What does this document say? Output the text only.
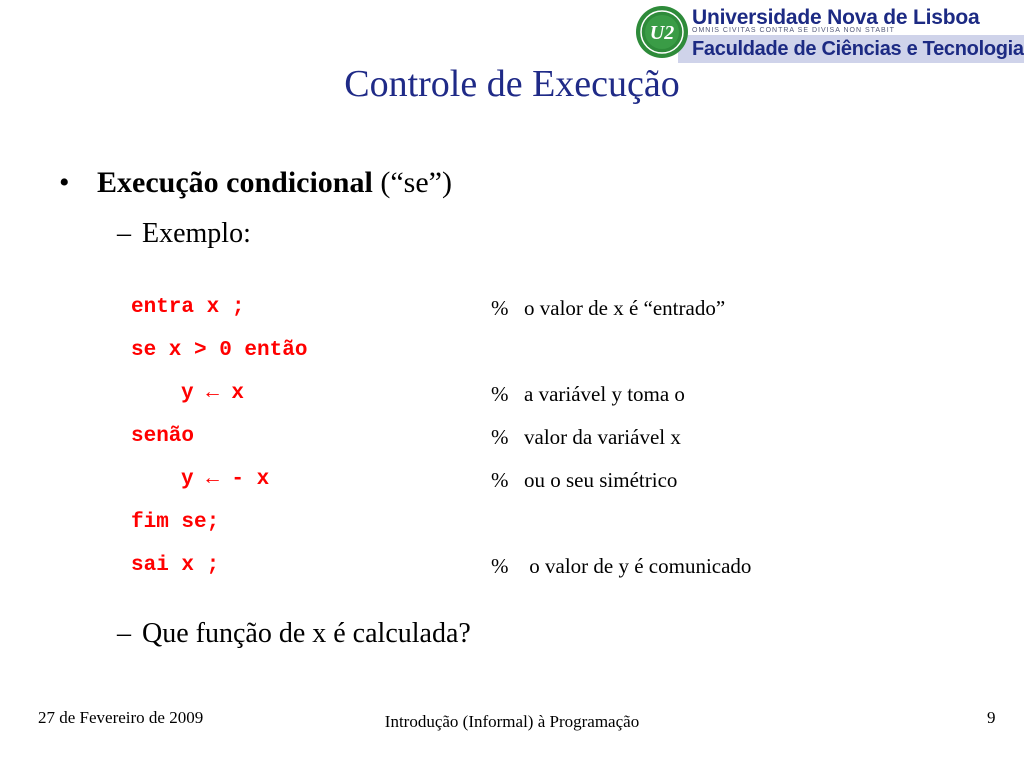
U2
Universidade Nova de Lisboa
OMNIS CIVITAS CONTRA SE DIVISA NON STABIT
Faculdade de Ciências e Tecnologia
Controle de Execução
• Execução condicional (“se”)
– Exemplo:
entra x ;	% o valor de x é “entrado”
se x > 0 então
y ← x	% a variável y toma o
senão	% valor da variável x
y ← - x	% ou o seu simétrico
fim se;
sai x ;	% o valor de y é comunicado
– Que função de x é calculada?
27 de Fevereiro de 2009	Introdução (Informal) à Programação	9
